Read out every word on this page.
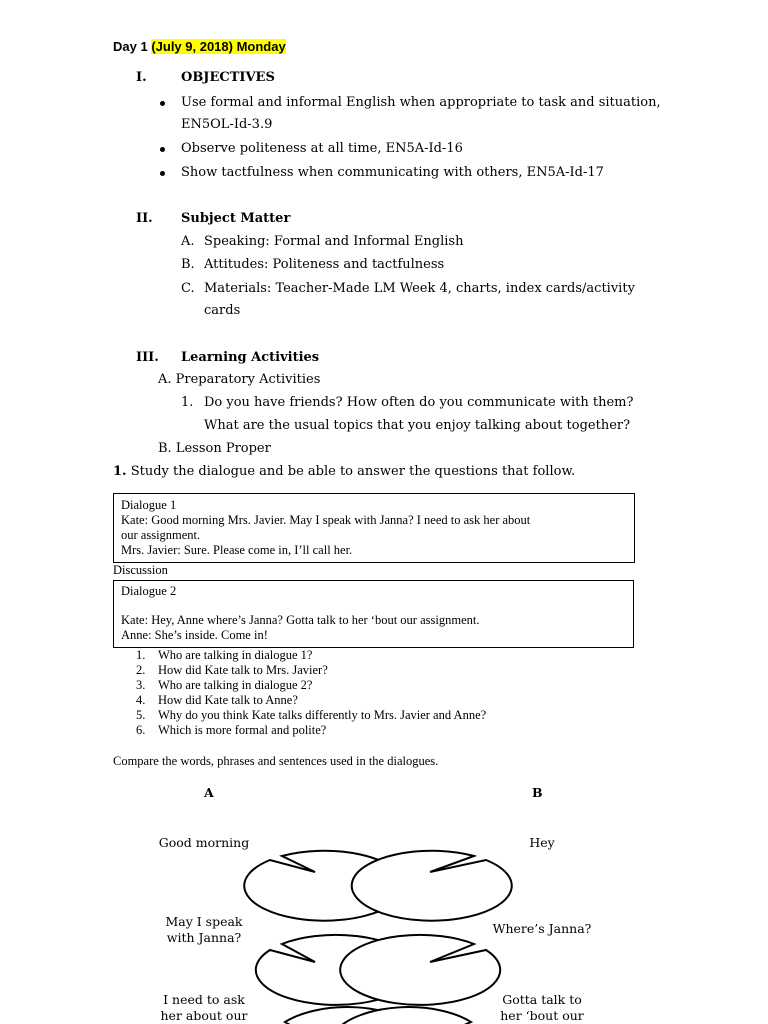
Day 1 (July 9, 2018) Monday
I.	OBJECTIVES
Use formal and informal English when appropriate to task and situation,
EN5OL-Id-3.9
Observe politeness at all time, EN5A-Id-16
Show tactfulness when communicating with others, EN5A-Id-17
II. Subject Matter
A. Speaking: Formal and Informal English
B. Attitudes: Politeness and tactfulness
C. Materials: Teacher-Made LM Week 4, charts, index cards/activity
cards
III. Learning Activities
A. Preparatory Activities
1. Do you have friends? How often do you communicate with them?
What are the usual topics that you enjoy talking about together?
B. Lesson Proper
1. Study the dialogue and be able to answer the questions that follow.
Dialogue 1
Kate: Good morning Mrs. Javier. May I speak with Janna? I need to ask her about
our assignment.
Mrs. Javier: Sure. Please come in, I’ll call her.
Discussion
Dialogue 2
Kate: Hey, Anne where’s Janna? Gotta talk to her ‘bout our assignment.
Anne: She’s inside. Come in!
1. Who are talking in dialogue 1?
2. How did Kate talk to Mrs. Javier?
3. Who are talking in dialogue 2?
4. How did Kate talk to Anne?
5. Why do you think Kate talks differently to Mrs. Javier and Anne?
6. Which is more formal and polite?
Compare the words, phrases and sentences used in the dialogues.
A	B
Good morning
May I speak
with Janna?
I need to ask
her about our
Hey
Where’s Janna?
Gotta talk to
her ‘bout our
